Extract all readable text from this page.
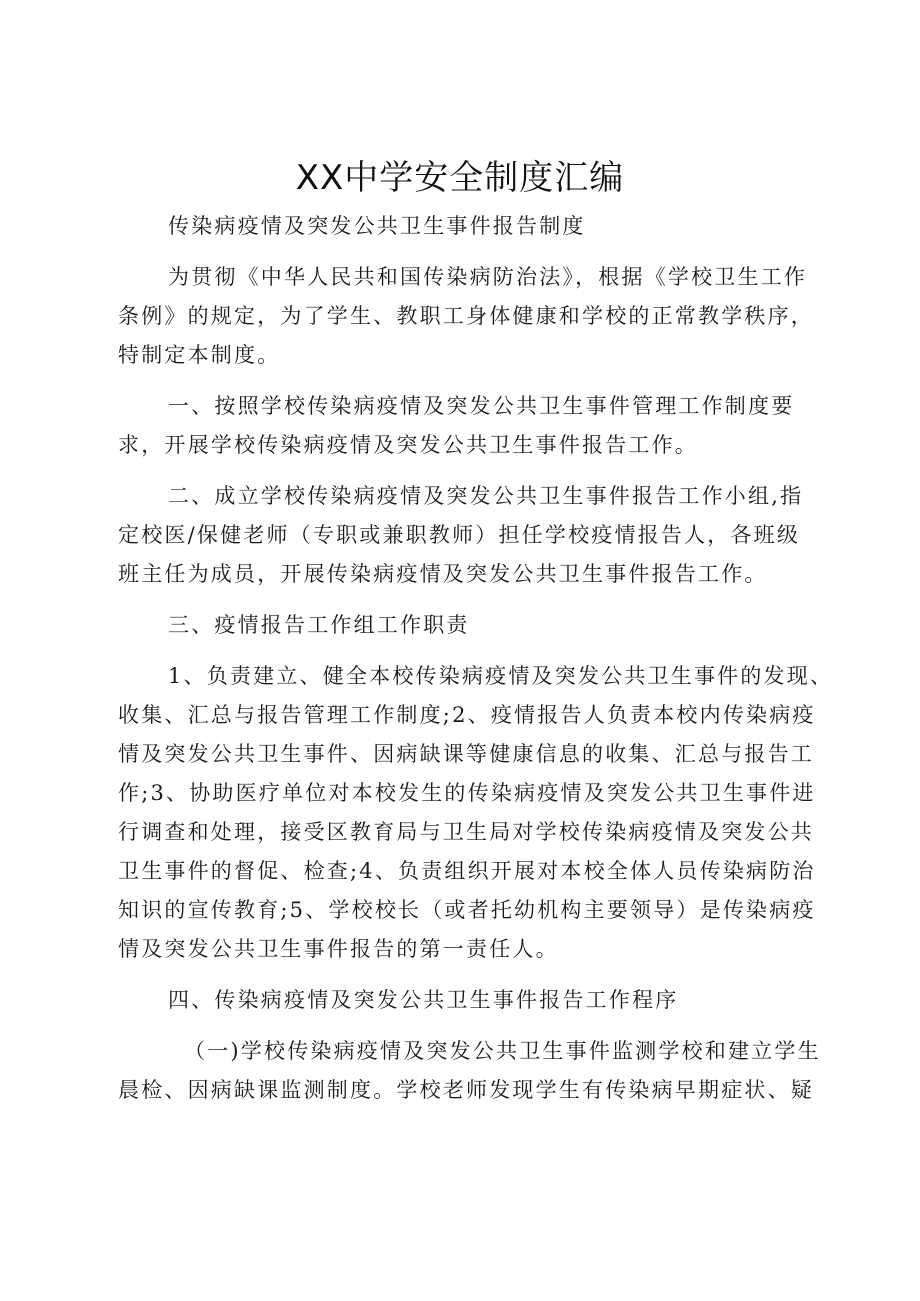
XX中学安全制度汇编
传染病疫情及突发公共卫生事件报告制度
为贯彻《中华人民共和国传染病防治法》，根据《学校卫生工作
条例》的规定，为了学生、教职工身体健康和学校的正常教学秩序，
特制定本制度。
一、按照学校传染病疫情及突发公共卫生事件管理工作制度要
求，开展学校传染病疫情及突发公共卫生事件报告工作。
二、成立学校传染病疫情及突发公共卫生事件报告工作小组,指
定校医/保健老师（专职或兼职教师）担任学校疫情报告人，各班级
班主任为成员，开展传染病疫情及突发公共卫生事件报告工作。
三、疫情报告工作组工作职责
1、负责建立、健全本校传染病疫情及突发公共卫生事件的发现、
收集、汇总与报告管理工作制度;2、疫情报告人负责本校内传染病疫
情及突发公共卫生事件、因病缺课等健康信息的收集、汇总与报告工
作;3、协助医疗单位对本校发生的传染病疫情及突发公共卫生事件进
行调查和处理，接受区教育局与卫生局对学校传染病疫情及突发公共
卫生事件的督促、检查;4、负责组织开展对本校全体人员传染病防治
知识的宣传教育;5、学校校长（或者托幼机构主要领导）是传染病疫
情及突发公共卫生事件报告的第一责任人。
四、传染病疫情及突发公共卫生事件报告工作程序
（一)学校传染病疫情及突发公共卫生事件监测学校和建立学生
晨检、因病缺课监测制度。学校老师发现学生有传染病早期症状、疑
